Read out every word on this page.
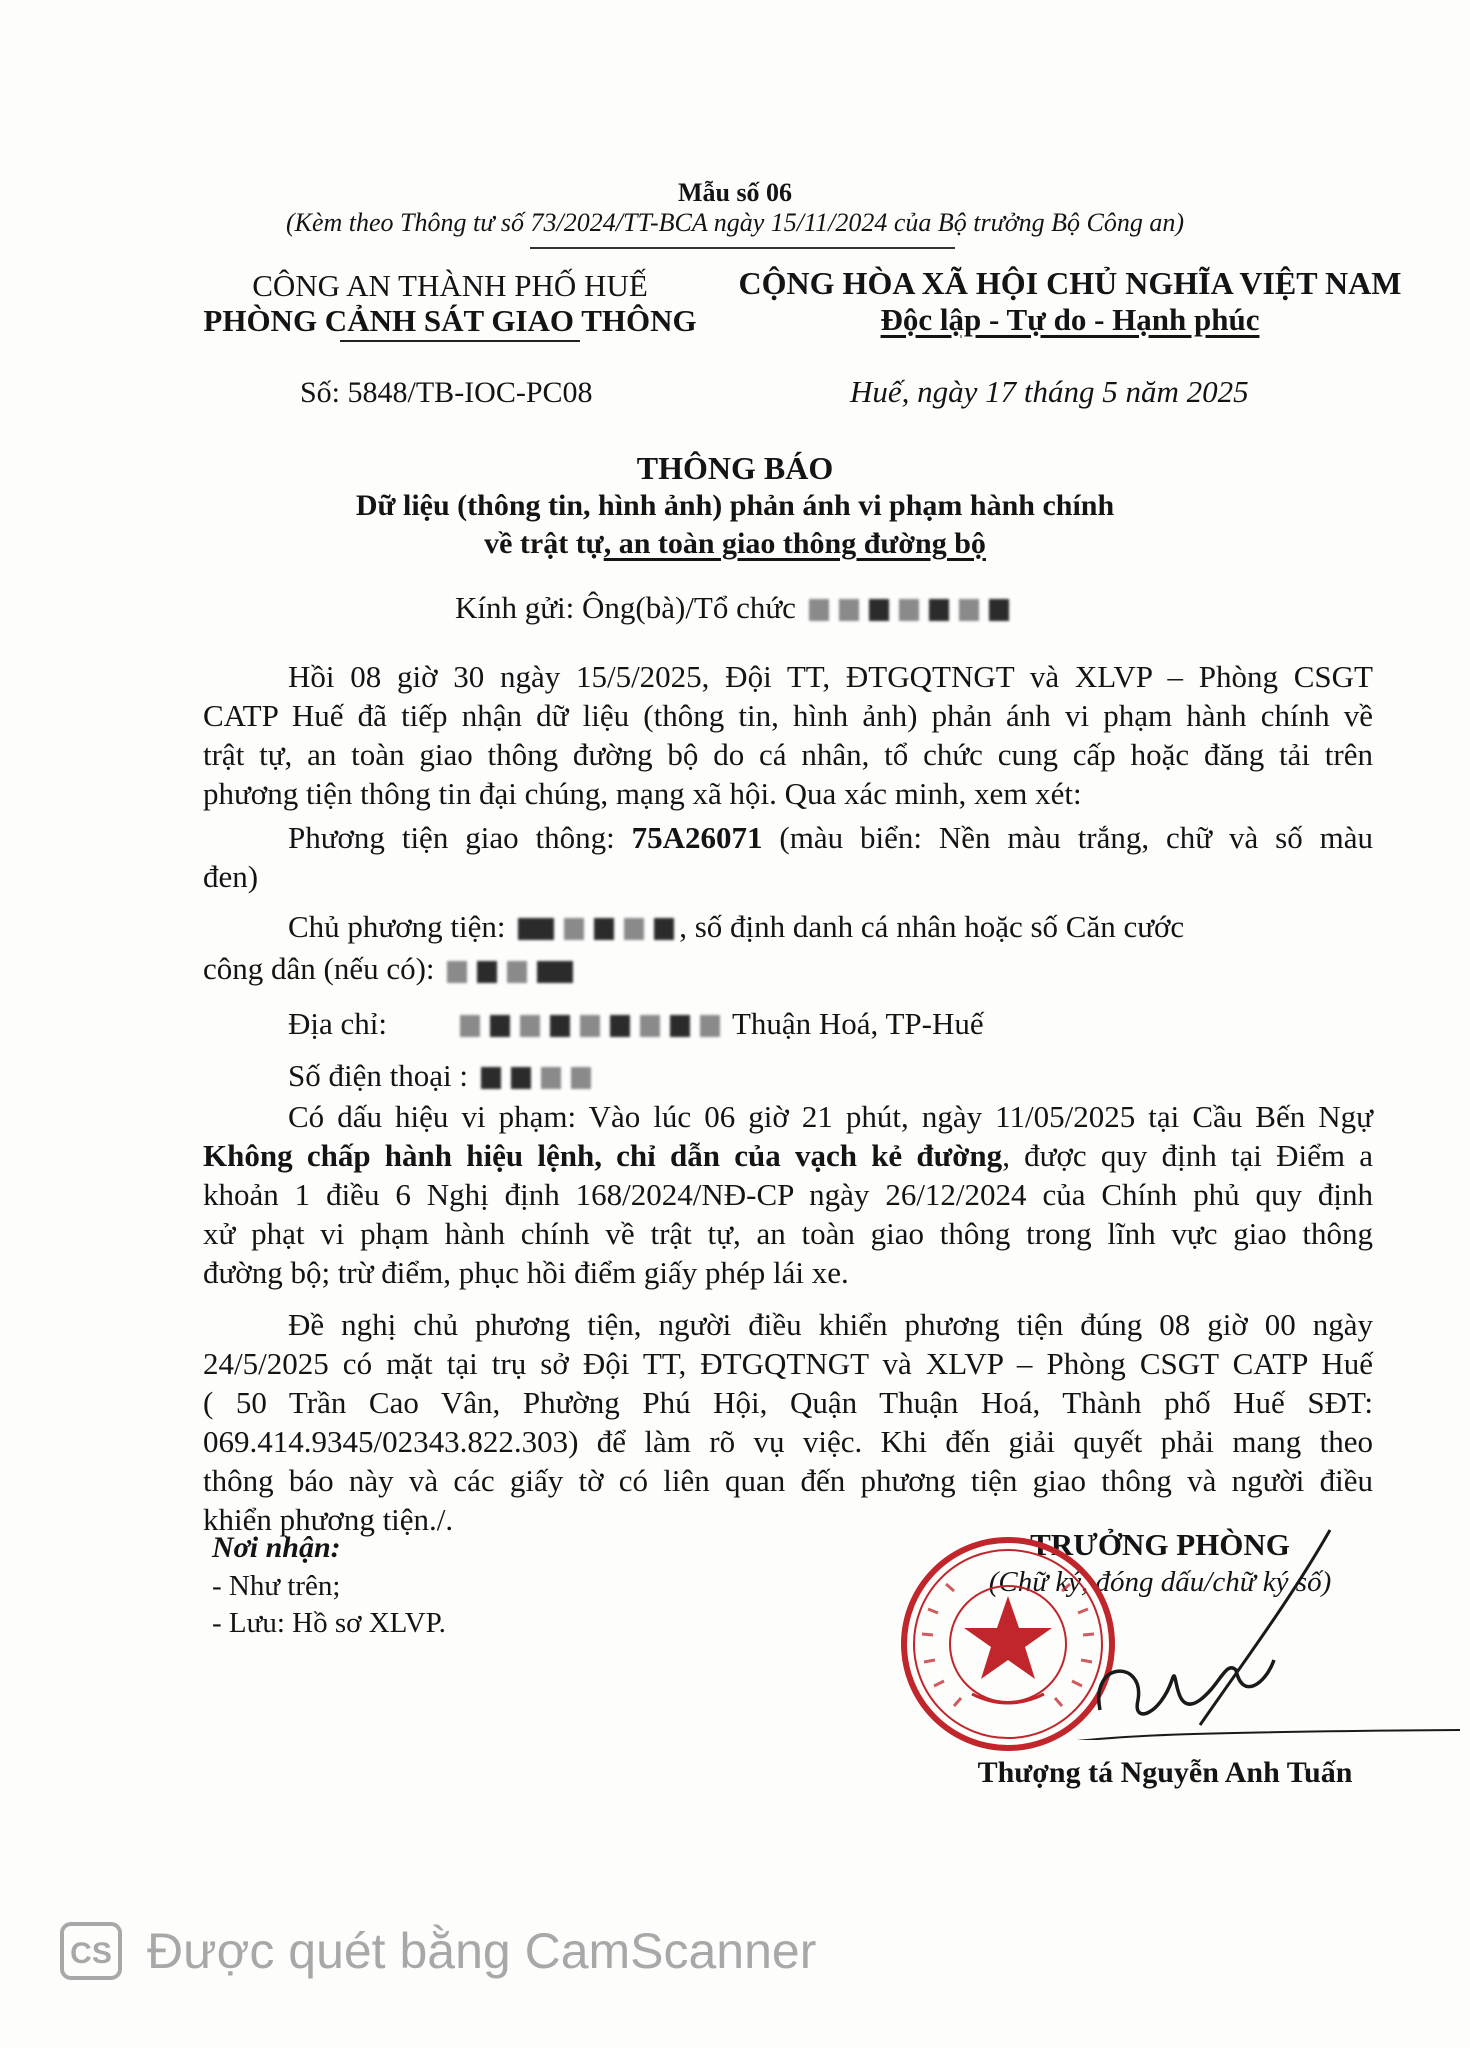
Mẫu số 06
(Kèm theo Thông tư số 73/2024/TT-BCA ngày 15/11/2024 của Bộ trưởng Bộ Công an)
CÔNG AN THÀNH PHỐ HUẾ
PHÒNG CẢNH SÁT GIAO THÔNG
CỘNG HÒA XÃ HỘI CHỦ NGHĨA VIỆT NAM
Độc lập - Tự do - Hạnh phúc
Số: 5848/TB-IOC-PC08	Huế, ngày 17 tháng 5 năm 2025
THÔNG BÁO
Dữ liệu (thông tin, hình ảnh) phản ánh vi phạm hành chính
về trật tự, an toàn giao thông đường bộ
Kính gửi: Ông(bà)/Tổ chức
Hồi 08 giờ 30 ngày 15/5/2025, Đội TT, ĐTGQTNGT và XLVP – Phòng CSGT
CATP Huế đã tiếp nhận dữ liệu (thông tin, hình ảnh) phản ánh vi phạm hành chính về
trật tự, an toàn giao thông đường bộ do cá nhân, tổ chức cung cấp hoặc đăng tải trên
phương tiện thông tin đại chúng, mạng xã hội. Qua xác minh, xem xét:
Phương tiện giao thông: 75A26071 (màu biển: Nền màu trắng, chữ và số màu
đen)
Chủ phương tiện:	, số định danh cá nhân hoặc số Căn cước
công dân (nếu có):
Địa chỉ:	Thuận Hoá, TP-Huế
Số điện thoại :
Có dấu hiệu vi phạm: Vào lúc 06 giờ 21 phút, ngày 11/05/2025 tại Cầu Bến Ngự
Không chấp hành hiệu lệnh, chỉ dẫn của vạch kẻ đường, được quy định tại Điểm a
khoản 1 điều 6 Nghị định 168/2024/NĐ-CP ngày 26/12/2024 của Chính phủ quy định
xử phạt vi phạm hành chính về trật tự, an toàn giao thông trong lĩnh vực giao thông
đường bộ; trừ điểm, phục hồi điểm giấy phép lái xe.
Đề nghị chủ phương tiện, người điều khiển phương tiện đúng 08 giờ 00 ngày
24/5/2025 có mặt tại trụ sở Đội TT, ĐTGQTNGT và XLVP – Phòng CSGT CATP Huế
( 50 Trần Cao Vân, Phường Phú Hội, Quận Thuận Hoá, Thành phố Huế SĐT:
069.414.9345/02343.822.303) để làm rõ vụ việc. Khi đến giải quyết phải mang theo
thông báo này và các giấy tờ có liên quan đến phương tiện giao thông và người điều
khiển phương tiện./.
Nơi nhận:
- Như trên;
- Lưu: Hồ sơ XLVP.
TRƯỞNG PHÒNG
(Chữ ký, đóng dấu/chữ ký số)
Thượng tá Nguyễn Anh Tuấn
CS Được quét bằng CamScanner
